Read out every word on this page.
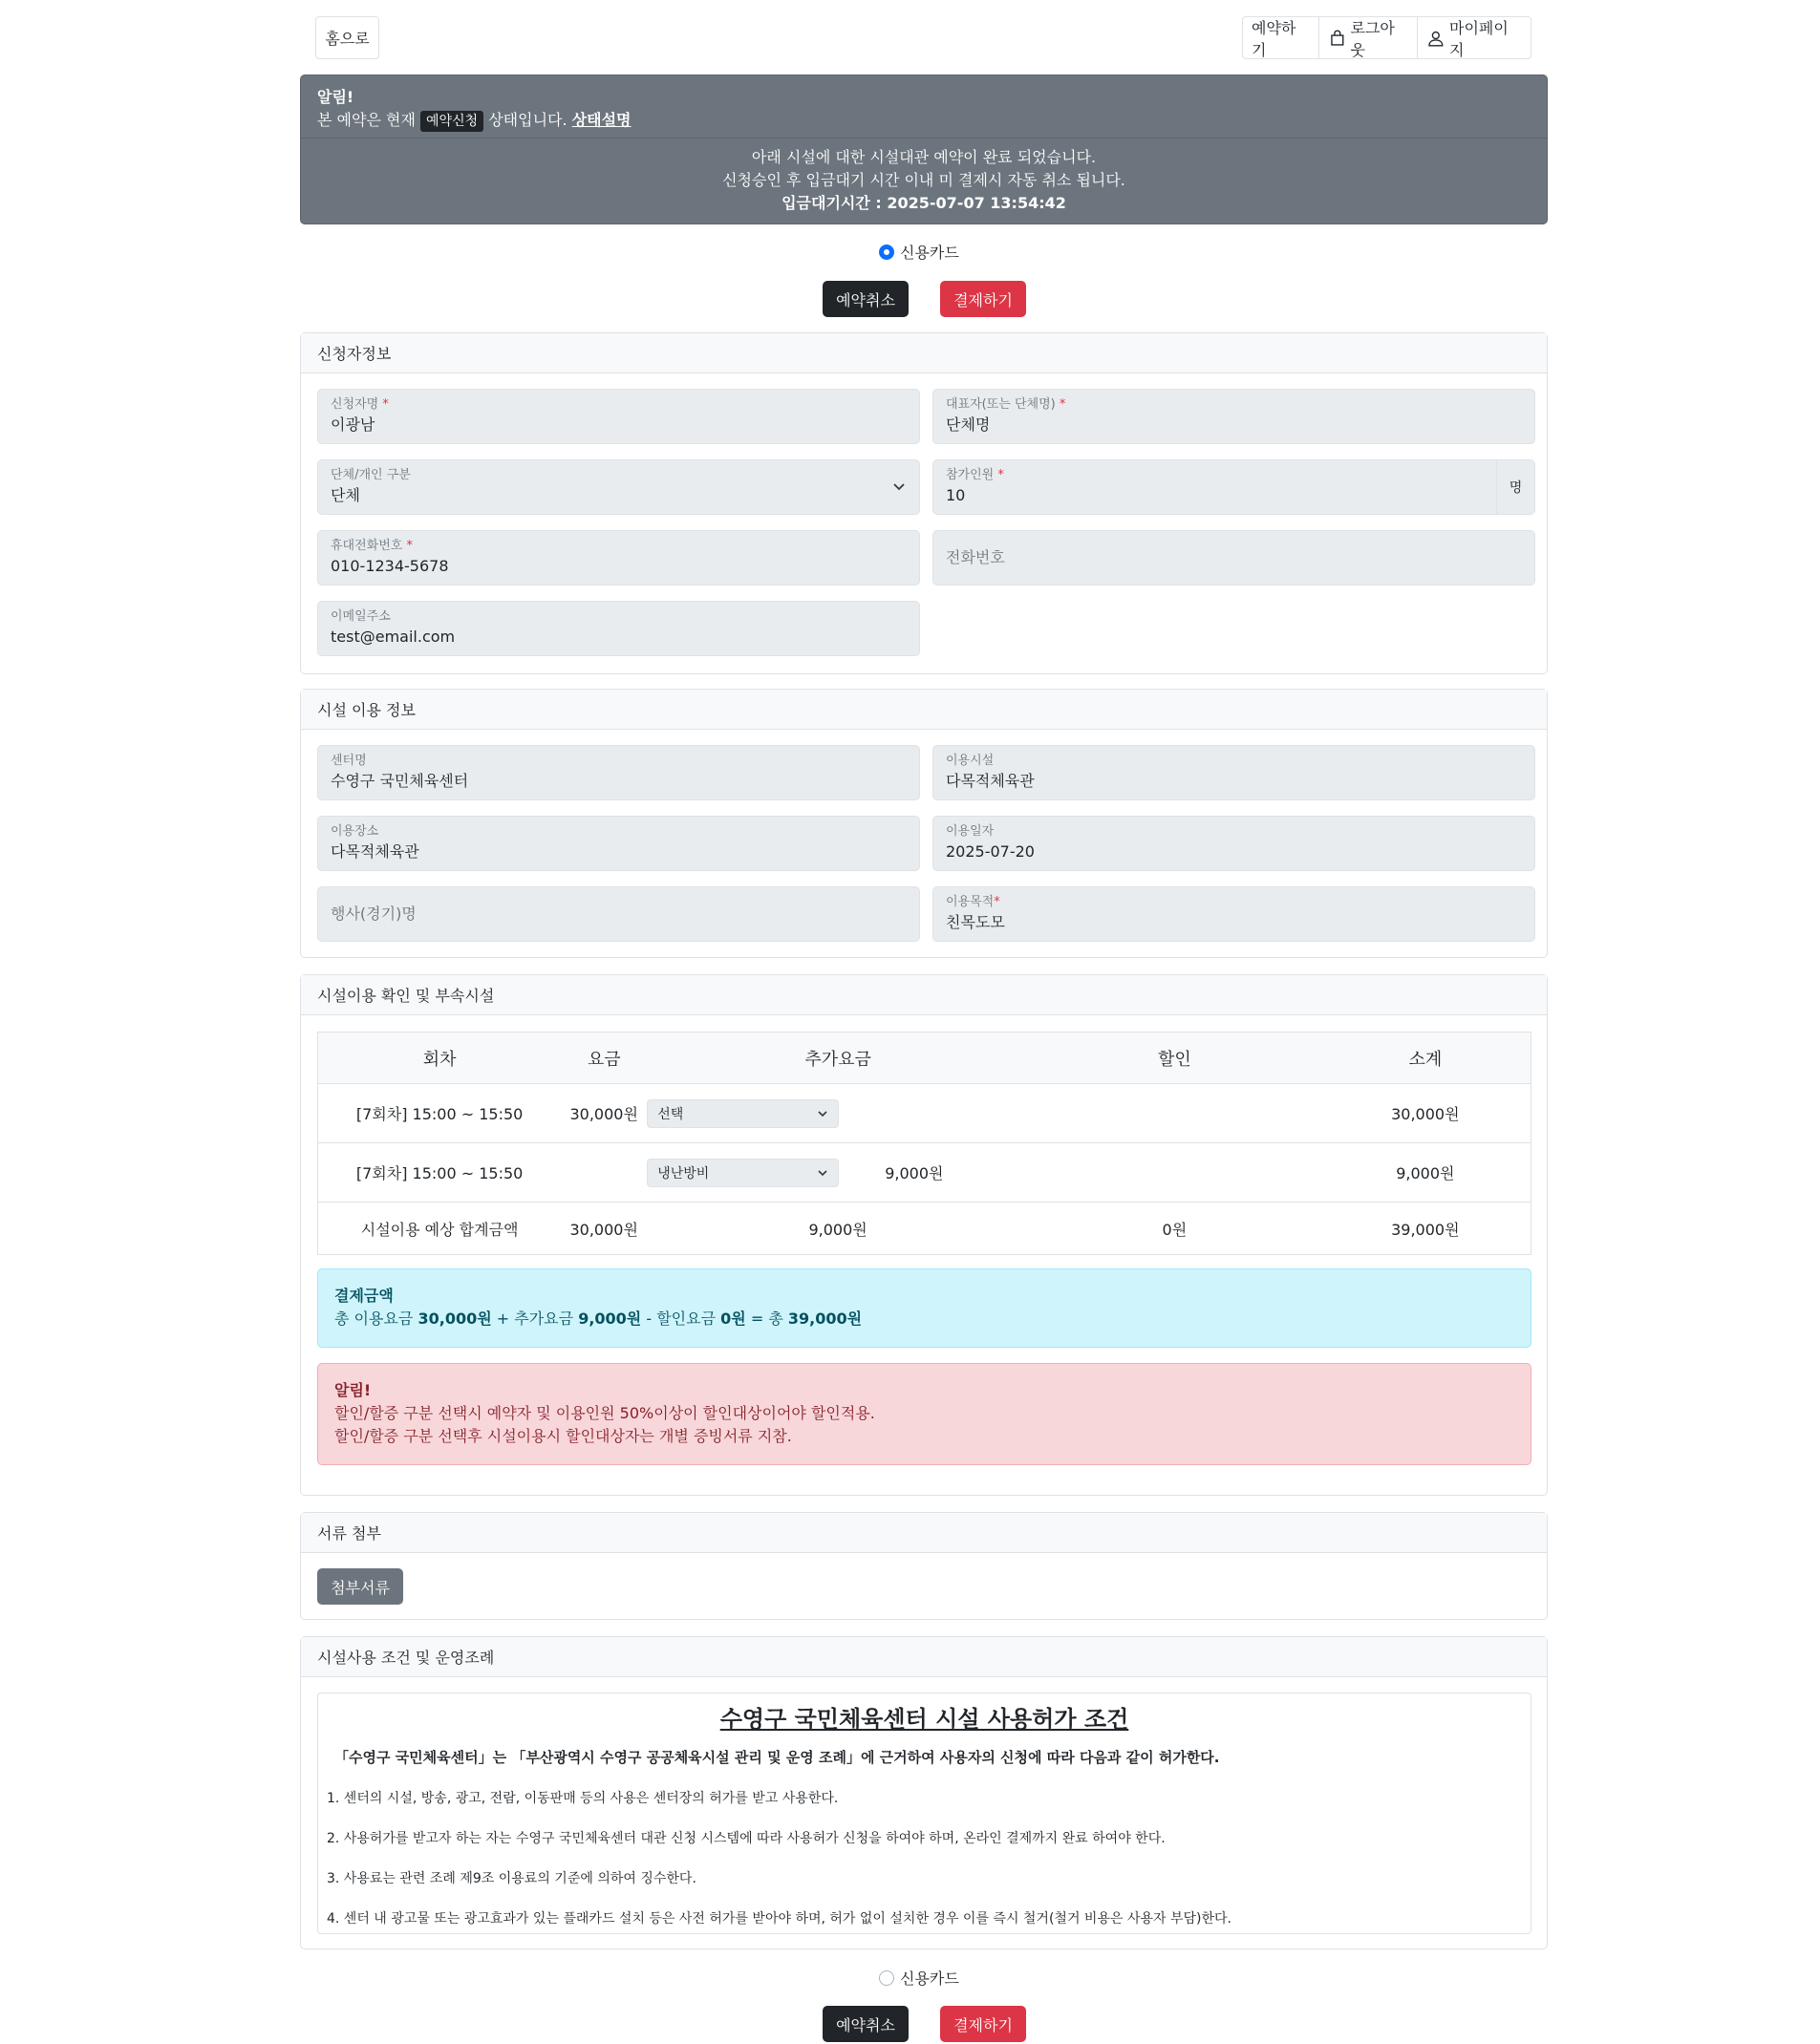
홈으로
예약하기
로그아웃
마이페이지
알림!
본 예약은 현재 예약신청 상태입니다. 상태설명
아래 시설에 대한 시설대관 예약이 완료 되었습니다.
신청승인 후 입금대기 시간 이내 미 결제시 자동 취소 됩니다.
입금대기시간 : 2025-07-07 13:54:42
신용카드
예약취소	결제하기
신청자정보
신청자명 *
이광남
대표자(또는 단체명) *
단체명
단체/개인 구분
단체
참가인원 *
10	명
휴대전화번호 *
010-1234-5678	전화번호
이메일주소
test@email.com
시설 이용 정보
센터명
수영구 국민체육센터
이용시설
다목적체육관
이용장소
다목적체육관
이용일자
2025-07-20
행사(경기)명
이용목적*
친목도모
시설이용 확인 및 부속시설
회차	요금	추가요금	할인	소계
[7회차] 15:00 ~ 15:50	30,000원	선택		30,000원
[7회차] 15:00 ~ 15:50		냉난방비 9,000원		9,000원
시설이용 예상 합계금액	30,000원	9,000원	0원	39,000원
결제금액
총 이용요금 30,000원 + 추가요금 9,000원 - 할인요금 0원 = 총 39,000원
알림!
할인/할증 구분 선택시 예약자 및 이용인원 50%이상이 할인대상이어야 할인적용.
할인/할증 구분 선택후 시설이용시 할인대상자는 개별 증빙서류 지참.
서류 첨부
첨부서류
시설사용 조건 및 운영조례
수영구 국민체육센터 시설 사용허가 조건
「수영구 국민체육센터」는 「부산광역시 수영구 공공체육시설 관리 및 운영 조례」에 근거하여 사용자의 신청에 따라 다음과 같이 허가한다.

1. 센터의 시설, 방송, 광고, 전람, 이동판매 등의 사용은 센터장의 허가를 받고 사용한다.

2. 사용허가를 받고자 하는 자는 수영구 국민체육센터 대관 신청 시스템에 따라 사용허가 신청을 하여야 하며, 온라인 결제까지 완료 하여야 한다.

3. 사용료는 관련 조례 제9조 이용료의 기준에 의하여 징수한다.

4. 센터 내 광고물 또는 광고효과가 있는 플래카드 설치 등은 사전 허가를 받아야 하며, 허가 없이 설치한 경우 이를 즉시 철거(철거 비용은 사용자 부담)한다.

신용카드
예약취소	결제하기
